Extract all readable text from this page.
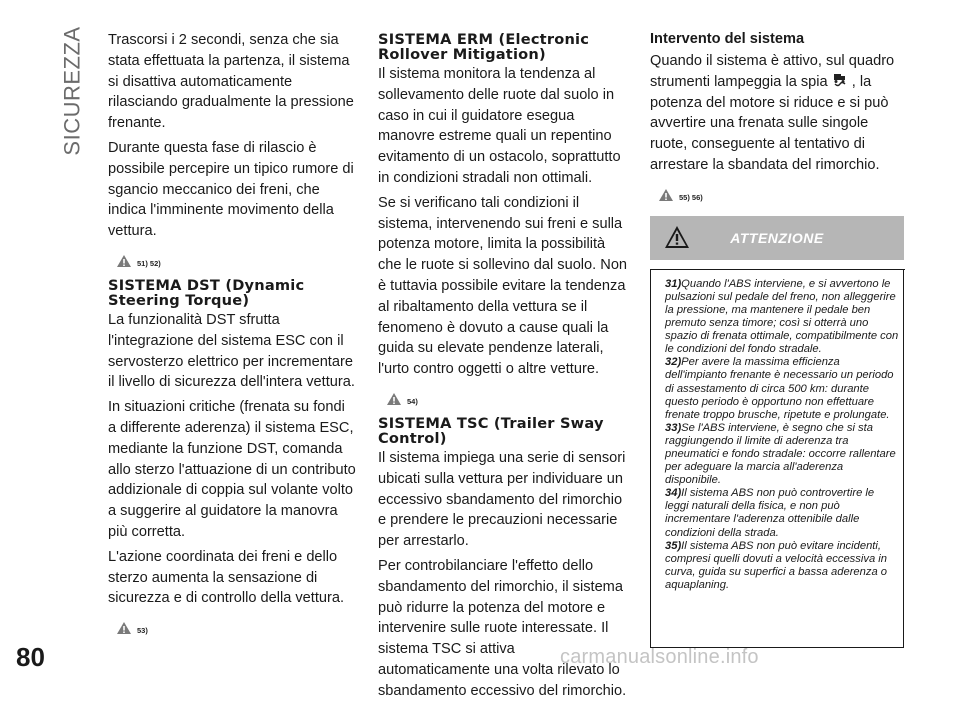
SICUREZZA
80

Trascorsi i 2 secondi, senza che sia stata effettuata la partenza, il sistema si disattiva automaticamente rilasciando gradualmente la pressione frenante.

Durante questa fase di rilascio è possibile percepire un tipico rumore di sgancio meccanico dei freni, che indica l'imminente movimento della vettura.

51) 52)
SISTEMA DST (Dynamic Steering Torque)

La funzionalità DST sfrutta l'integrazione del sistema ESC con il servosterzo elettrico per incrementare il livello di sicurezza dell'intera vettura.

In situazioni critiche (frenata su fondi a differente aderenza) il sistema ESC, mediante la funzione DST, comanda allo sterzo l'attuazione di un contributo addizionale di coppia sul volante volto a suggerire al guidatore la manovra più corretta.

L'azione coordinata dei freni e dello sterzo aumenta la sensazione di sicurezza e di controllo della vettura.

53)
SISTEMA ERM (Electronic Rollover Mitigation)

Il sistema monitora la tendenza al sollevamento delle ruote dal suolo in caso in cui il guidatore esegua manovre estreme quali un repentino evitamento di un ostacolo, soprattutto in condizioni stradali non ottimali.

Se si verificano tali condizioni il sistema, intervenendo sui freni e sulla potenza motore, limita la possibilità che le ruote si sollevino dal suolo. Non è tuttavia possibile evitare la tendenza al ribaltamento della vettura se il fenomeno è dovuto a cause quali la guida su elevate pendenze laterali, l'urto contro oggetti o altre vetture.

54)
SISTEMA TSC (Trailer Sway Control)

Il sistema impiega una serie di sensori ubicati sulla vettura per individuare un eccessivo sbandamento del rimorchio e prendere le precauzioni necessarie per arrestarlo.

Per controbilanciare l'effetto dello sbandamento del rimorchio, il sistema può ridurre la potenza del motore e intervenire sulle ruote interessate. Il sistema TSC si attiva automaticamente una volta rilevato lo sbandamento eccessivo del rimorchio.

Intervento del sistema

Quando il sistema è attivo, sul quadro strumenti lampeggia la spia , la potenza del motore si riduce e si può avvertire una frenata sulle singole ruote, conseguente al tentativo di arrestare la sbandata del rimorchio.

55) 56)
ATTENZIONE

31)Quando l'ABS interviene, e si avvertono le pulsazioni sul pedale del freno, non alleggerire la pressione, ma mantenere il pedale ben premuto senza timore; così si otterrà uno spazio di frenata ottimale, compatibilmente con le condizioni del fondo stradale.

32)Per avere la massima efficienza dell'impianto frenante è necessario un periodo di assestamento di circa 500 km: durante questo periodo è opportuno non effettuare frenate troppo brusche, ripetute e prolungate.

33)Se l'ABS interviene, è segno che si sta raggiungendo il limite di aderenza tra pneumatici e fondo stradale: occorre rallentare per adeguare la marcia all'aderenza disponibile.

34)Il sistema ABS non può controvertire le leggi naturali della fisica, e non può incrementare l'aderenza ottenibile dalle condizioni della strada.

35)Il sistema ABS non può evitare incidenti, compresi quelli dovuti a velocità eccessiva in curva, guida su superfici a bassa aderenza o aquaplaning.

carmanualsonline.info
